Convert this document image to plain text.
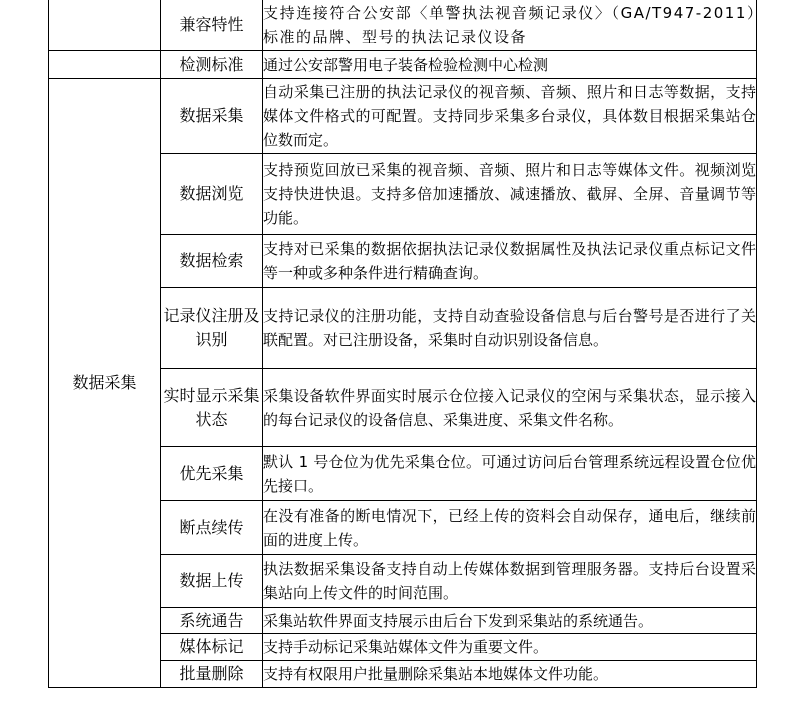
	兼容特性	支持连接符合公安部〈单警执法视音频记录仪〉（GA/T947-2011）标准的品牌、型号的执法记录仪设备
	检测标准	通过公安部警用电子装备检验检测中心检测
数据采集	数据采集	自动采集已注册的执法记录仪的视音频、音频、照片和日志等数据，支持媒体文件格式的可配置。支持同步采集多台录仪，具体数目根据采集站仓位数而定。
	数据浏览	支持预览回放已采集的视音频、音频、照片和日志等媒体文件。视频浏览支持快进快退。支持多倍加速播放、减速播放、截屏、全屏、音量调节等功能。
	数据检索	支持对已采集的数据依据执法记录仪数据属性及执法记录仪重点标记文件等一种或多种条件进行精确查询。
	记录仪注册及识别	支持记录仪的注册功能，支持自动查验设备信息与后台警号是否进行了关联配置。对已注册设备，采集时自动识别设备信息。
	实时显示采集状态	采集设备软件界面实时展示仓位接入记录仪的空闲与采集状态，显示接入的每台记录仪的设备信息、采集进度、采集文件名称。
	优先采集	默认 1 号仓位为优先采集仓位。可通过访问后台管理系统远程设置仓位优先接口。
	断点续传	在没有准备的断电情况下，已经上传的资料会自动保存，通电后，继续前面的进度上传。
	数据上传	执法数据采集设备支持自动上传媒体数据到管理服务器。支持后台设置采集站向上传文件的时间范围。
	系统通告	采集站软件界面支持展示由后台下发到采集站的系统通告。
	媒体标记	支持手动标记采集站媒体文件为重要文件。
	批量删除	支持有权限用户批量删除采集站本地媒体文件功能。
